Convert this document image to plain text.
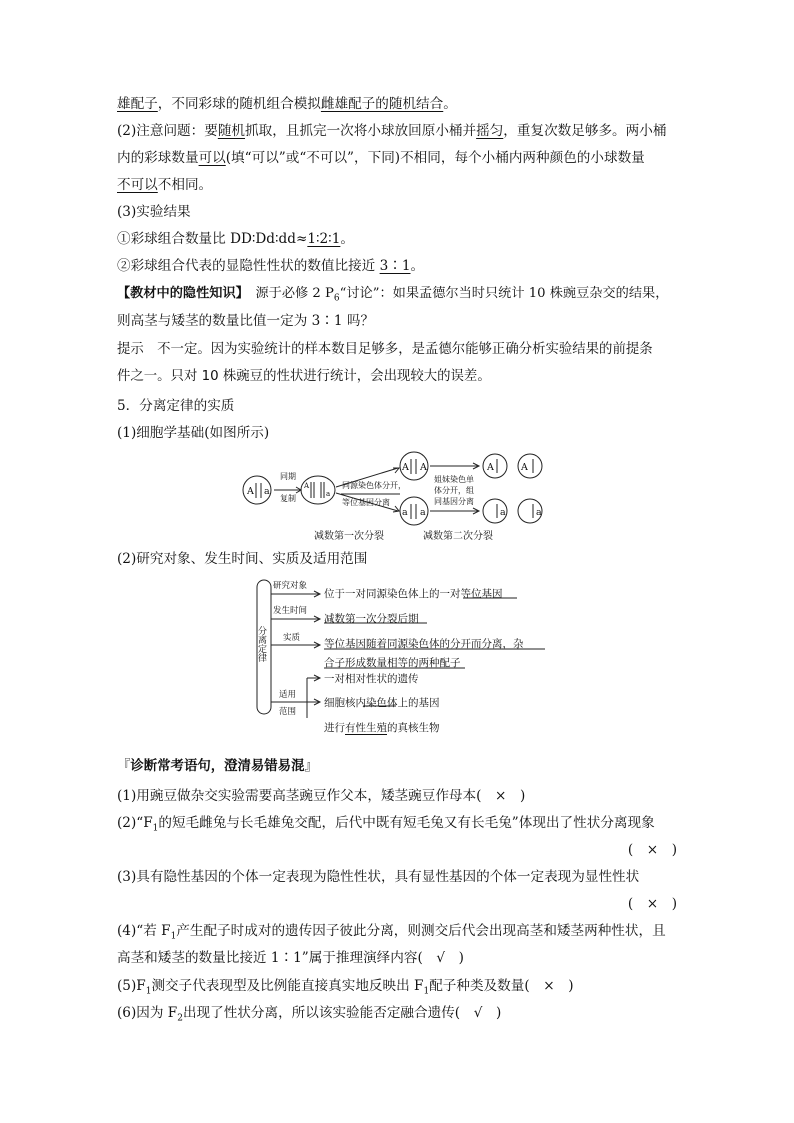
雄配子，不同彩球的随机组合模拟雌雄配子的随机结合。
(2)注意问题：要随机抓取，且抓完一次将小球放回原小桶并摇匀，重复次数足够多。两小桶
内的彩球数量可以(填“可以”或“不可以”，下同)不相同，每个小桶内两种颜色的小球数量
不可以不相同。
(3)实验结果
①彩球组合数量比 DD∶Dd∶dd≈1∶2∶1。
②彩球组合代表的显隐性性状的数值比接近 3∶1。
【教材中的隐性知识】　源于必修 2 $P_6“$讨论”：如果孟德尔当时只统计 10 株豌豆杂交的结果，
则高茎与矮茎的数量比值一定为 3∶1 吗？
提示　不一定。因为实验统计的样本数目足够多，是孟德尔能够正确分析实验结果的前提条
件之一。只对 10 株豌豆的性状进行统计，会出现较大的误差。
5．分离定律的实质
(1)细胞学基础(如图所示)
A a
同期
复制
A
a
同源染色体分开，
等位基因分离
A A
a a
姐妹染色单
体分开，组
同基因分离
A	A
a	a
减数第一次分裂	减数第二次分裂
(2)研究对象、发生时间、实质及适用范围
分离定律
研究对象
发生时间
实质
适用
范围
位于一对同源染色体上的一对等位基因
减数第一次分裂后期
等位基因随着同源染色体的分开而分离，杂
合子形成数量相等的两种配子
一对相对性状的遗传
细胞核内染色体上的基因
进行有性生殖的真核生物
『诊断常考语句，澄清易错易混』
(1)用豌豆做杂交实验需要高茎豌豆作父本，矮茎豌豆作母本(　×　)
$(2)“F_1$的短毛雌兔与长毛雄兔交配，后代中既有短毛兔又有长毛兔”体现出了性状分离现象
(　×　)
(3)具有隐性基因的个体一定表现为隐性性状，具有显性基因的个体一定表现为显性性状
(　×　)
(4)“若 $F_1$产生配子时成对的遗传因子彼此分离，则测交后代会出现高茎和矮茎两种性状，且
高茎和矮茎的数量比接近 1∶1”属于推理演绎内容(　√　)
$(5)F_1$测交子代表现型及比例能直接真实地反映出 $F_1$配子种类及数量(　×　)
(6)因为 $F_2$出现了性状分离，所以该实验能否定融合遗传(　√　)
